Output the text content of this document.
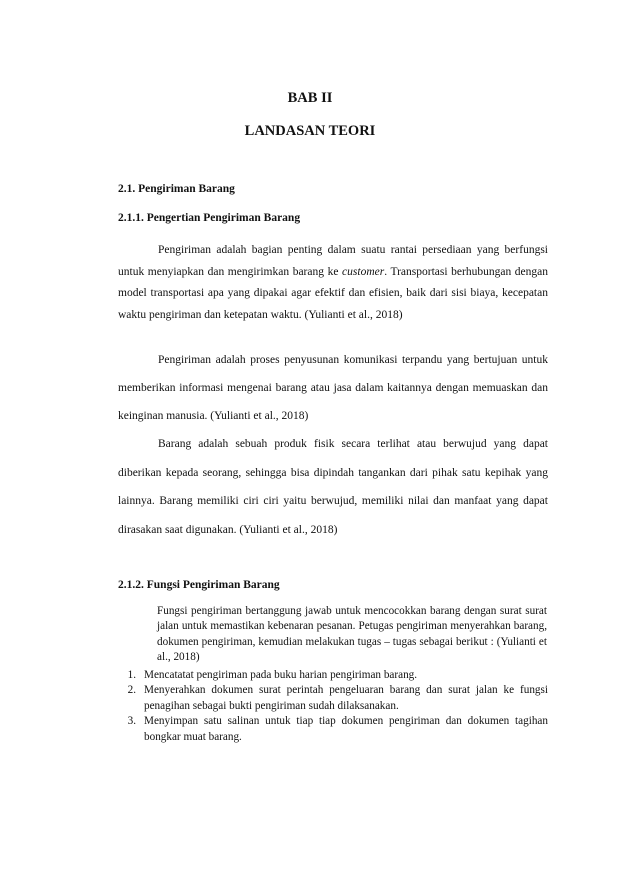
BAB II
LANDASAN TEORI
2.1. Pengiriman Barang
2.1.1. Pengertian Pengiriman Barang

Pengiriman adalah bagian penting dalam suatu rantai persediaan yang berfungsi untuk menyiapkan dan mengirimkan barang ke customer. Transportasi berhubungan dengan model transportasi apa yang dipakai agar efektif dan efisien, baik dari sisi biaya, kecepatan waktu pengiriman dan ketepatan waktu. (Yulianti et al., 2018)

Pengiriman adalah proses penyusunan komunikasi terpandu yang bertujuan untuk memberikan informasi mengenai barang atau jasa dalam kaitannya dengan memuaskan dan keinginan manusia. (Yulianti et al., 2018)

Barang adalah sebuah produk fisik secara terlihat atau berwujud yang dapat diberikan kepada seorang, sehingga bisa dipindah tangankan dari pihak satu kepihak yang lainnya. Barang memiliki ciri ciri yaitu berwujud, memiliki nilai dan manfaat yang dapat dirasakan saat digunakan. (Yulianti et al., 2018)

2.1.2. Fungsi Pengiriman Barang

Fungsi pengiriman bertanggung jawab untuk mencocokkan barang dengan surat surat jalan untuk memastikan kebenaran pesanan. Petugas pengiriman menyerahkan barang, dokumen pengiriman, kemudian melakukan tugas – tugas sebagai berikut : (Yulianti et al., 2018)

1. Mencatatat pengiriman pada buku harian pengiriman barang.
2. Menyerahkan dokumen surat perintah pengeluaran barang dan surat jalan ke fungsi penagihan sebagai bukti pengiriman sudah dilaksanakan.
3. Menyimpan satu salinan untuk tiap tiap dokumen pengiriman dan dokumen tagihan bongkar muat barang.
